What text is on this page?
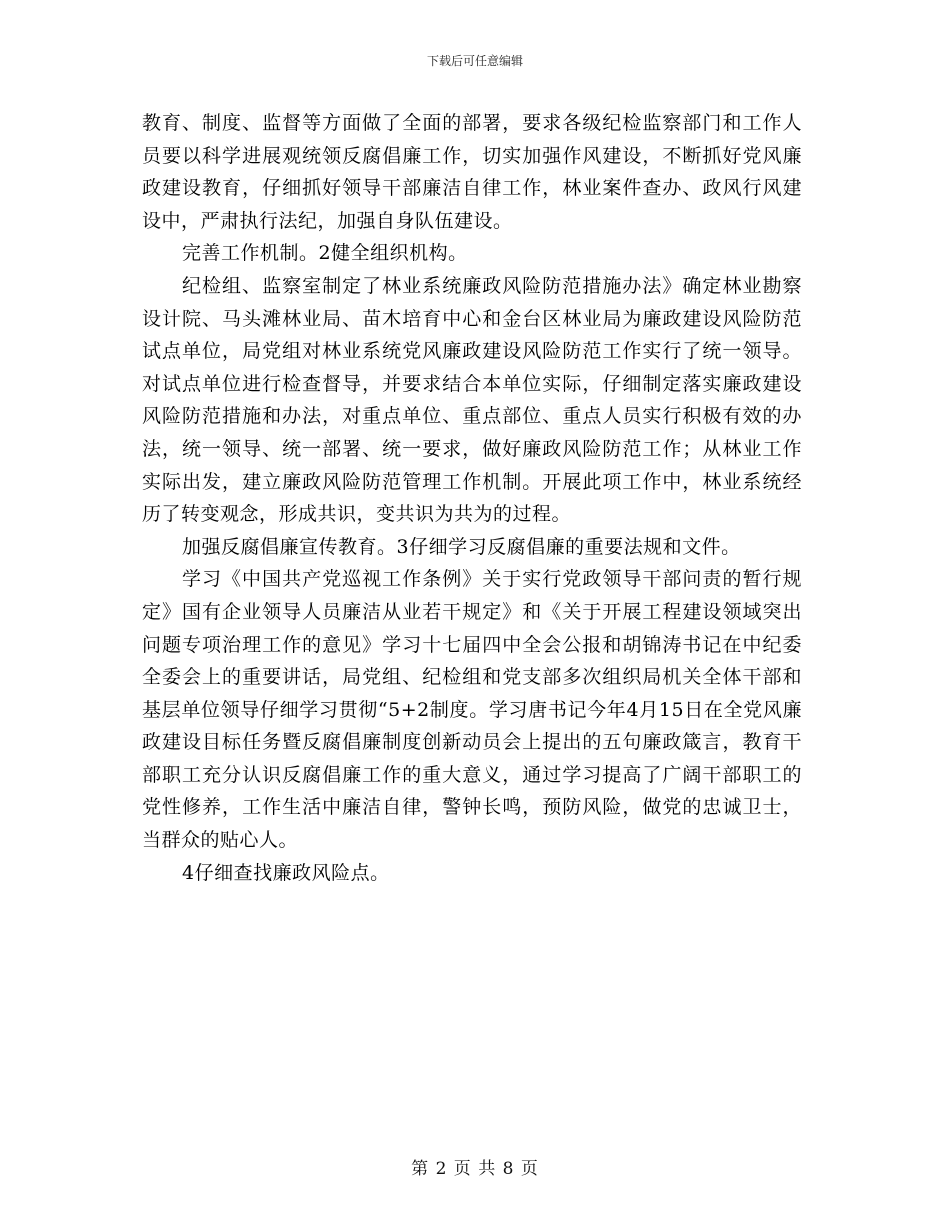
下载后可任意编辑

教育、制度、监督等方面做了全面的部署，要求各级纪检监察部门和工作人员要以科学进展观统领反腐倡廉工作，切实加强作风建设，不断抓好党风廉政建设教育，仔细抓好领导干部廉洁自律工作，林业案件查办、政风行风建设中，严肃执行法纪，加强自身队伍建设。

完善工作机制。2健全组织机构。

纪检组、监察室制定了林业系统廉政风险防范措施办法》确定林业勘察设计院、马头滩林业局、苗木培育中心和金台区林业局为廉政建设风险防范试点单位，局党组对林业系统党风廉政建设风险防范工作实行了统一领导。对试点单位进行检查督导，并要求结合本单位实际，仔细制定落实廉政建设风险防范措施和办法，对重点单位、重点部位、重点人员实行积极有效的办法，统一领导、统一部署、统一要求，做好廉政风险防范工作；从林业工作实际出发，建立廉政风险防范管理工作机制。开展此项工作中，林业系统经历了转变观念，形成共识，变共识为共为的过程。

加强反腐倡廉宣传教育。3仔细学习反腐倡廉的重要法规和文件。

学习《中国共产党巡视工作条例》关于实行党政领导干部问责的暂行规定》国有企业领导人员廉洁从业若干规定》和《关于开展工程建设领域突出问题专项治理工作的意见》学习十七届四中全会公报和胡锦涛书记在中纪委全委会上的重要讲话，局党组、纪检组和党支部多次组织局机关全体干部和基层单位领导仔细学习贯彻“5+2制度。学习唐书记今年4月15日在全党风廉政建设目标任务暨反腐倡廉制度创新动员会上提出的五句廉政箴言，教育干部职工充分认识反腐倡廉工作的重大意义，通过学习提高了广阔干部职工的党性修养，工作生活中廉洁自律，警钟长鸣，预防风险，做党的忠诚卫士，当群众的贴心人。

4仔细查找廉政风险点。

第 2 页 共 8 页
